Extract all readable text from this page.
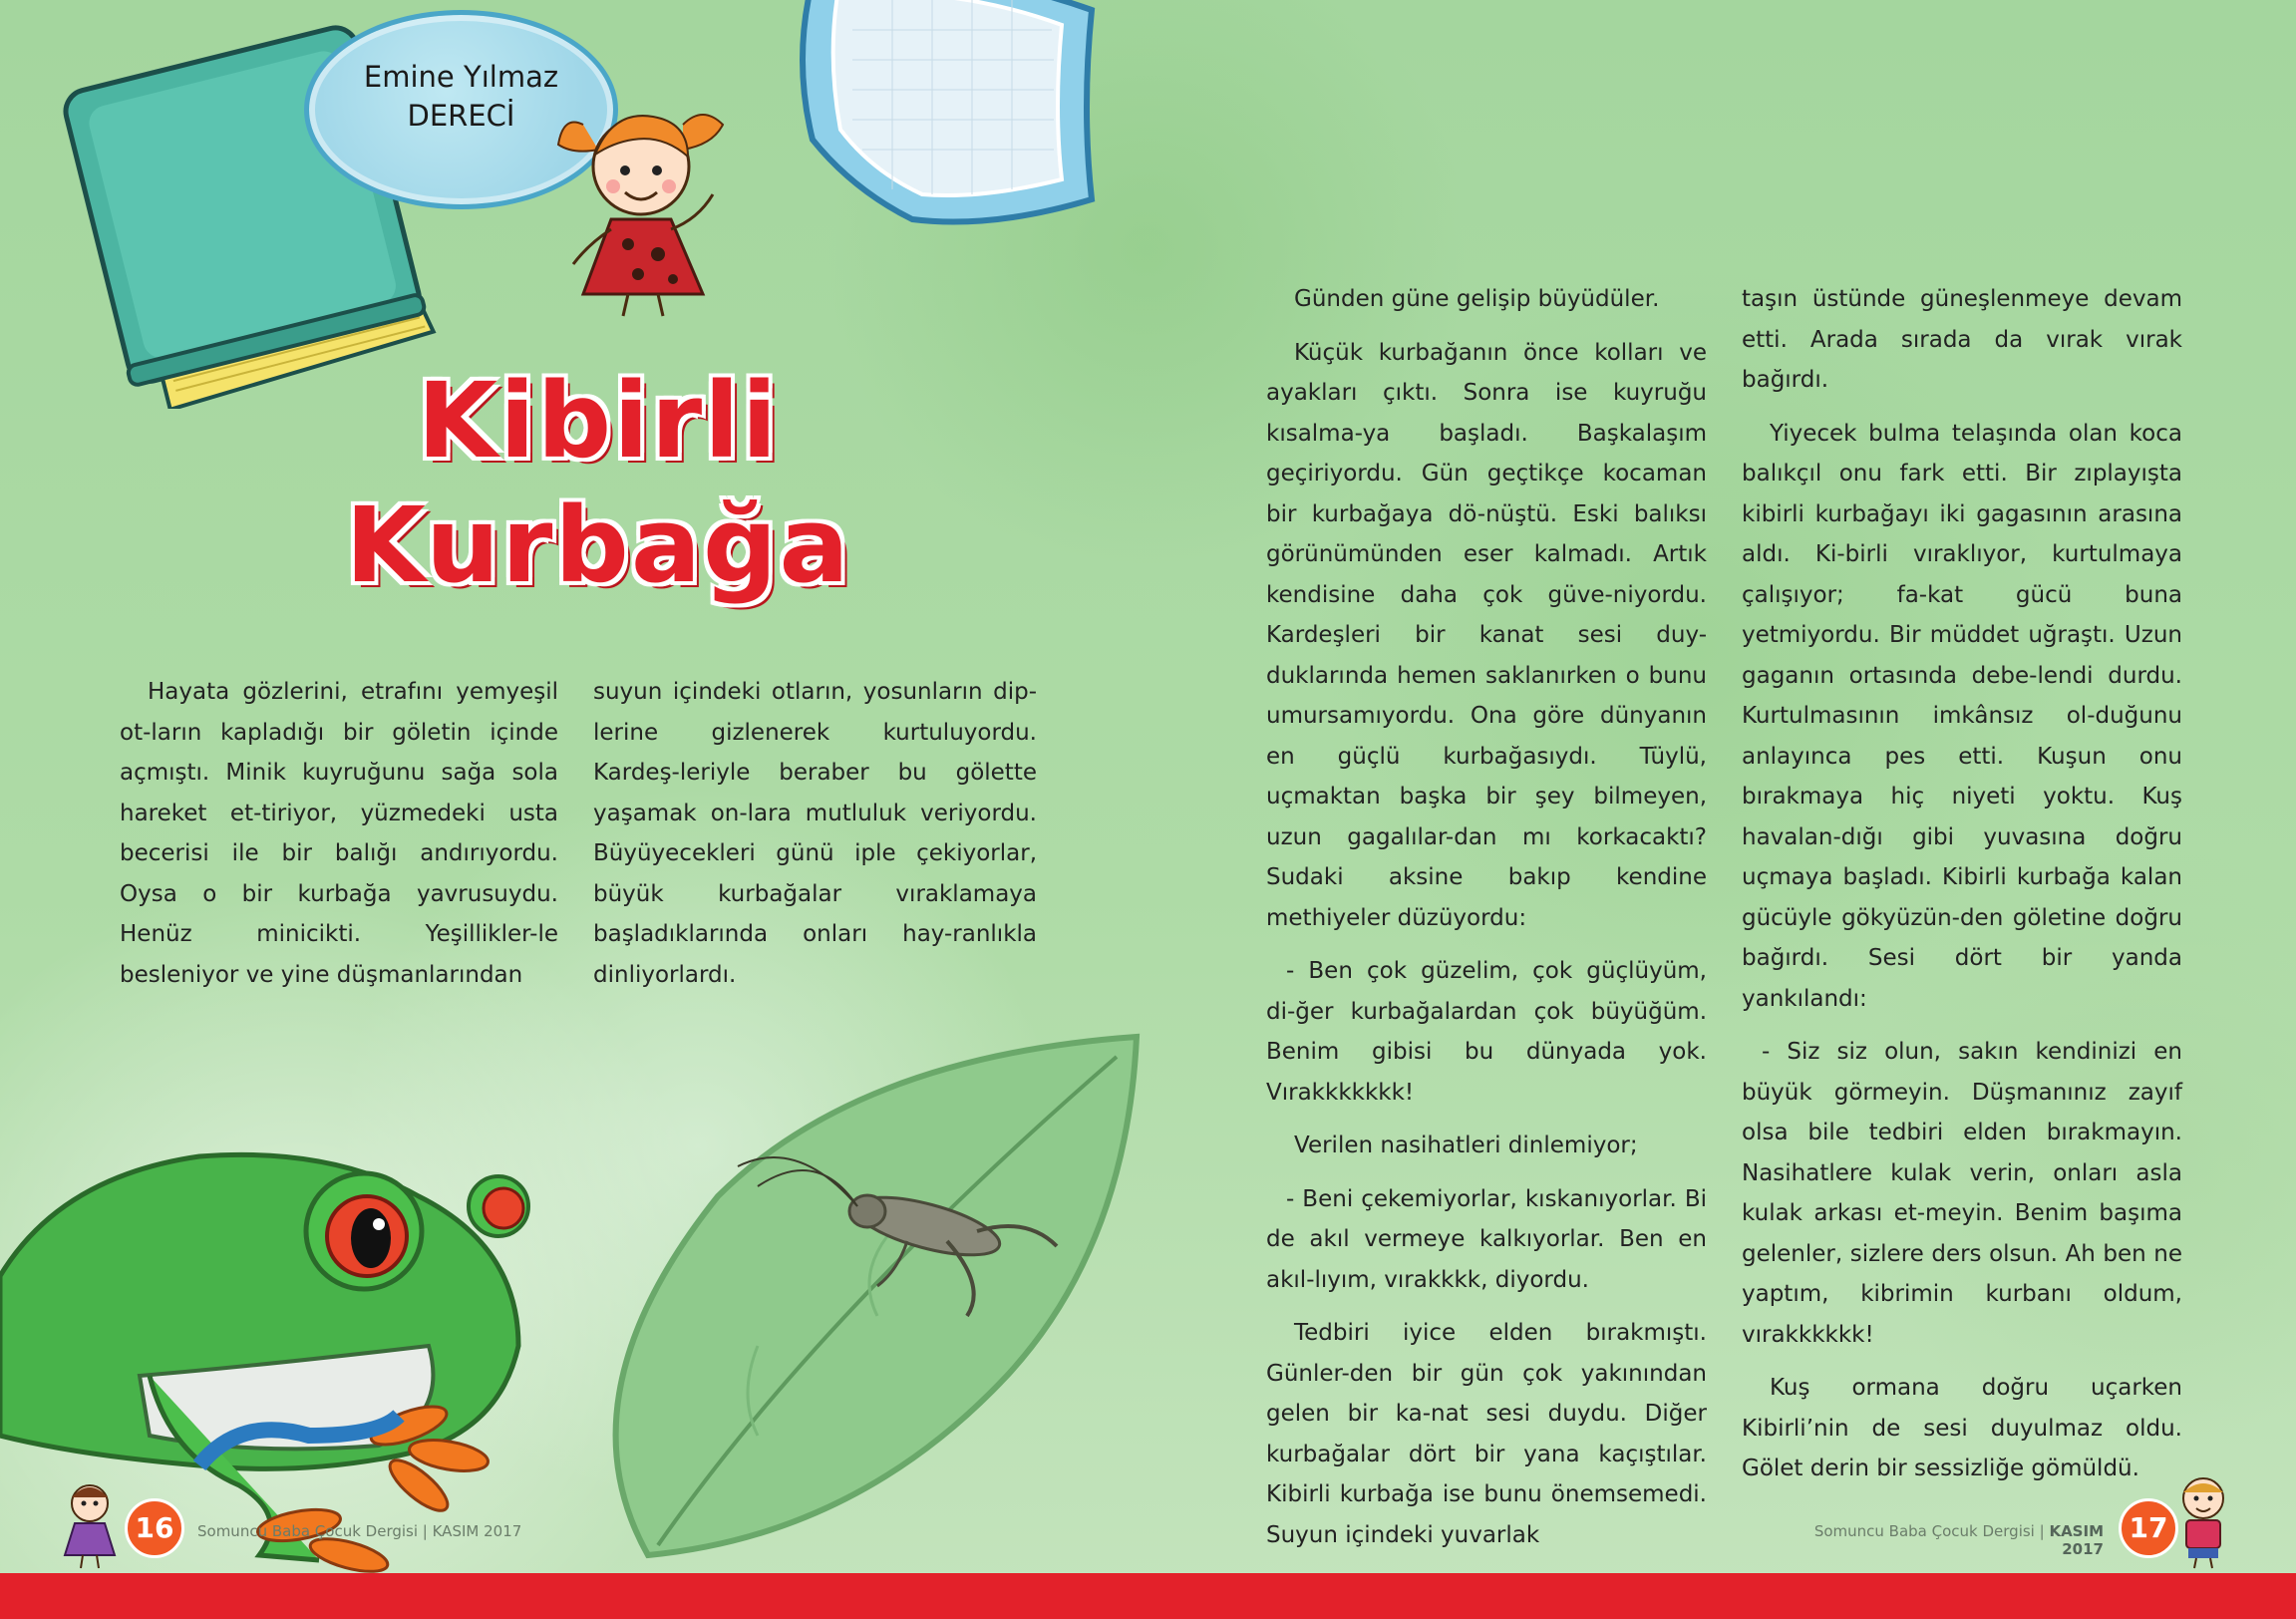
Emine Yılmaz
DERECİ
Kibirli
Kurbağa

Hayata gözlerini, etrafını yemyeşil ot-ların kapladığı bir göletin içinde açmıştı. Minik kuyruğunu sağa sola hareket et-tiriyor, yüzmedeki usta becerisi ile bir balığı andırıyordu. Oysa o bir kurbağa yavrusuydu. Henüz minicikti. Yeşillikler-le besleniyor ve yine düşmanlarından

suyun içindeki otların, yosunların dip-lerine gizlenerek kurtuluyordu. Kardeş-leriyle beraber bu gölette yaşamak on-lara mutluluk veriyordu. Büyüyecekleri günü iple çekiyorlar, büyük kurbağalar vıraklamaya başladıklarında onları hay-ranlıkla dinliyorlardı.

Günden güne gelişip büyüdüler.

Küçük kurbağanın önce kolları ve ayakları çıktı. Sonra ise kuyruğu kısalma-ya başladı. Başkalaşım geçiriyordu. Gün geçtikçe kocaman bir kurbağaya dö-nüştü. Eski balıksı görünümünden eser kalmadı. Artık kendisine daha çok güve-niyordu. Kardeşleri bir kanat sesi duy-duklarında hemen saklanırken o bunu umursamıyordu. Ona göre dünyanın en güçlü kurbağasıydı. Tüylü, uçmaktan başka bir şey bilmeyen, uzun gagalılar-dan mı korkacaktı? Sudaki aksine bakıp kendine methiyeler düzüyordu:

- Ben çok güzelim, çok güçlüyüm, di-ğer kurbağalardan çok büyüğüm. Benim gibisi bu dünyada yok. Vırakkkkkkk!

Verilen nasihatleri dinlemiyor;

- Beni çekemiyorlar, kıskanıyorlar. Bi de akıl vermeye kalkıyorlar. Ben en akıl-lıyım, vırakkkk, diyordu.

Tedbiri iyice elden bırakmıştı. Günler-den bir gün çok yakınından gelen bir ka-nat sesi duydu. Diğer kurbağalar dört bir yana kaçıştılar. Kibirli kurbağa ise bunu önemsemedi. Suyun içindeki yuvarlak

taşın üstünde güneşlenmeye devam etti. Arada sırada da vırak vırak bağırdı.

Yiyecek bulma telaşında olan koca balıkçıl onu fark etti. Bir zıplayışta kibirli kurbağayı iki gagasının arasına aldı. Ki-birli vıraklıyor, kurtulmaya çalışıyor; fa-kat gücü buna yetmiyordu. Bir müddet uğraştı. Uzun gaganın ortasında debe-lendi durdu. Kurtulmasının imkânsız ol-duğunu anlayınca pes etti. Kuşun onu bırakmaya hiç niyeti yoktu. Kuş havalan-dığı gibi yuvasına doğru uçmaya başladı. Kibirli kurbağa kalan gücüyle gökyüzün-den göletine doğru bağırdı. Sesi dört bir yanda yankılandı:

- Siz siz olun, sakın kendinizi en büyük görmeyin. Düşmanınız zayıf olsa bile tedbiri elden bırakmayın. Nasihatlere kulak verin, onları asla kulak arkası et-meyin. Benim başıma gelenler, sizlere ders olsun. Ah ben ne yaptım, kibrimin kurbanı oldum, vırakkkkkk!

Kuş ormana doğru uçarken Kibirli’nin de sesi duyulmaz oldu. Gölet derin bir sessizliğe gömüldü.

16	Somuncu Baba Çocuk Dergisi | KASIM 2017	Somuncu Baba Çocuk Dergisi | KASIM 2017
17
